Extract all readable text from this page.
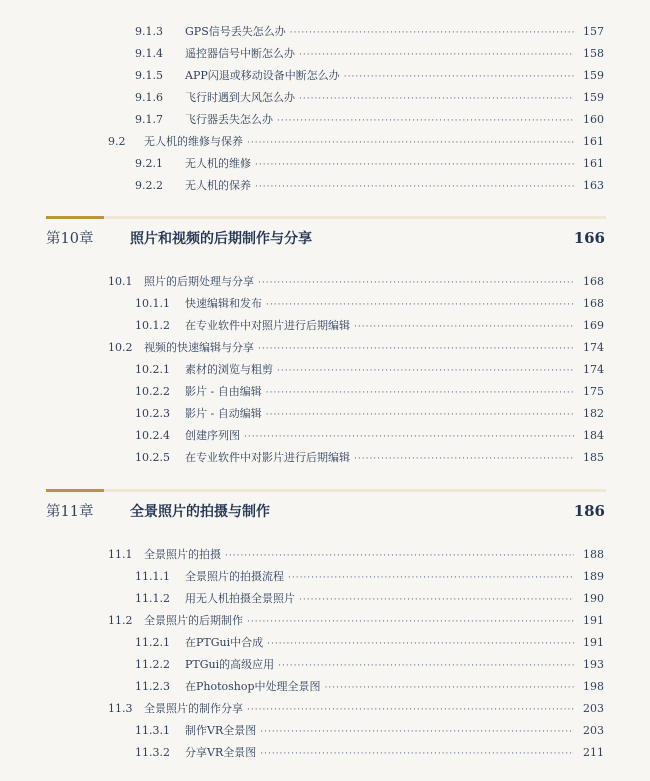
9.1.3	GPS信号丢失怎么办 ·····	157
9.1.4	遥控器信号中断怎么办 ·····	158
9.1.5	APP闪退或移动设备中断怎么办 ·····	159
9.1.6	飞行时遇到大风怎么办 ·····	159
9.1.7	飞行器丢失怎么办 ·····	160
9.2	无人机的维修与保养 ·····	161
9.2.1	无人机的维修 ·····	161
9.2.2	无人机的保养 ·····	163
第10章	照片和视频的后期制作与分享	166
10.1	照片的后期处理与分享 ·····	168
10.1.1	快速编辑和发布 ·····	168
10.1.2	在专业软件中对照片进行后期编辑 ·····	169
10.2	视频的快速编辑与分享 ·····	174
10.2.1	素材的浏览与粗剪 ·····	174
10.2.2	影片 - 自由编辑 ·····	175
10.2.3	影片 - 自动编辑 ·····	182
10.2.4	创建序列图 ·····	184
10.2.5	在专业软件中对影片进行后期编辑 ·····	185
第11章	全景照片的拍摄与制作	186
11.1	全景照片的拍摄 ·····	188
11.1.1	全景照片的拍摄流程 ·····	189
11.1.2	用无人机拍摄全景照片 ·····	190
11.2	全景照片的后期制作 ·····	191
11.2.1	在PTGui中合成 ·····	191
11.2.2	PTGui的高级应用 ·····	193
11.2.3	在Photoshop中处理全景图 ·····	198
11.3	全景照片的制作分享 ·····	203
11.3.1	制作VR全景图 ·····	203
11.3.2	分享VR全景图 ·····	211
